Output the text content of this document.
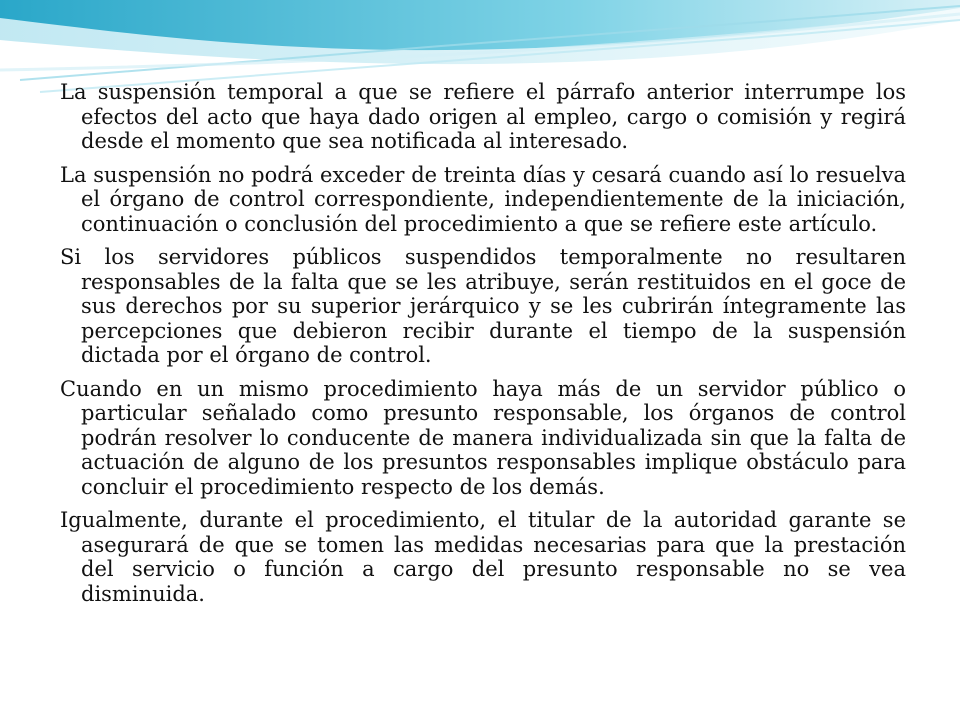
La suspensión temporal a que se refiere el párrafo anterior interrumpe los efectos del acto que haya dado origen al empleo, cargo o comisión y regirá desde el momento que sea notificada al interesado.

La suspensión no podrá exceder de treinta días y cesará cuando así lo resuelva el órgano de control correspondiente, independientemente de la iniciación, continuación o conclusión del procedimiento a que se refiere este artículo.

Si los servidores públicos suspendidos temporalmente no resultaren responsables de la falta que se les atribuye, serán restituidos en el goce de sus derechos por su superior jerárquico y se les cubrirán íntegramente las percepciones que debieron recibir durante el tiempo de la suspensión dictada por el órgano de control.

Cuando en un mismo procedimiento haya más de un servidor público o particular señalado como presunto responsable, los órganos de control podrán resolver lo conducente de manera individualizada sin que la falta de actuación de alguno de los presuntos responsables implique obstáculo para concluir el procedimiento respecto de los demás.

Igualmente, durante el procedimiento, el titular de la autoridad garante se asegurará de que se tomen las medidas necesarias para que la prestación del servicio o función a cargo del presunto responsable no se vea disminuida.
